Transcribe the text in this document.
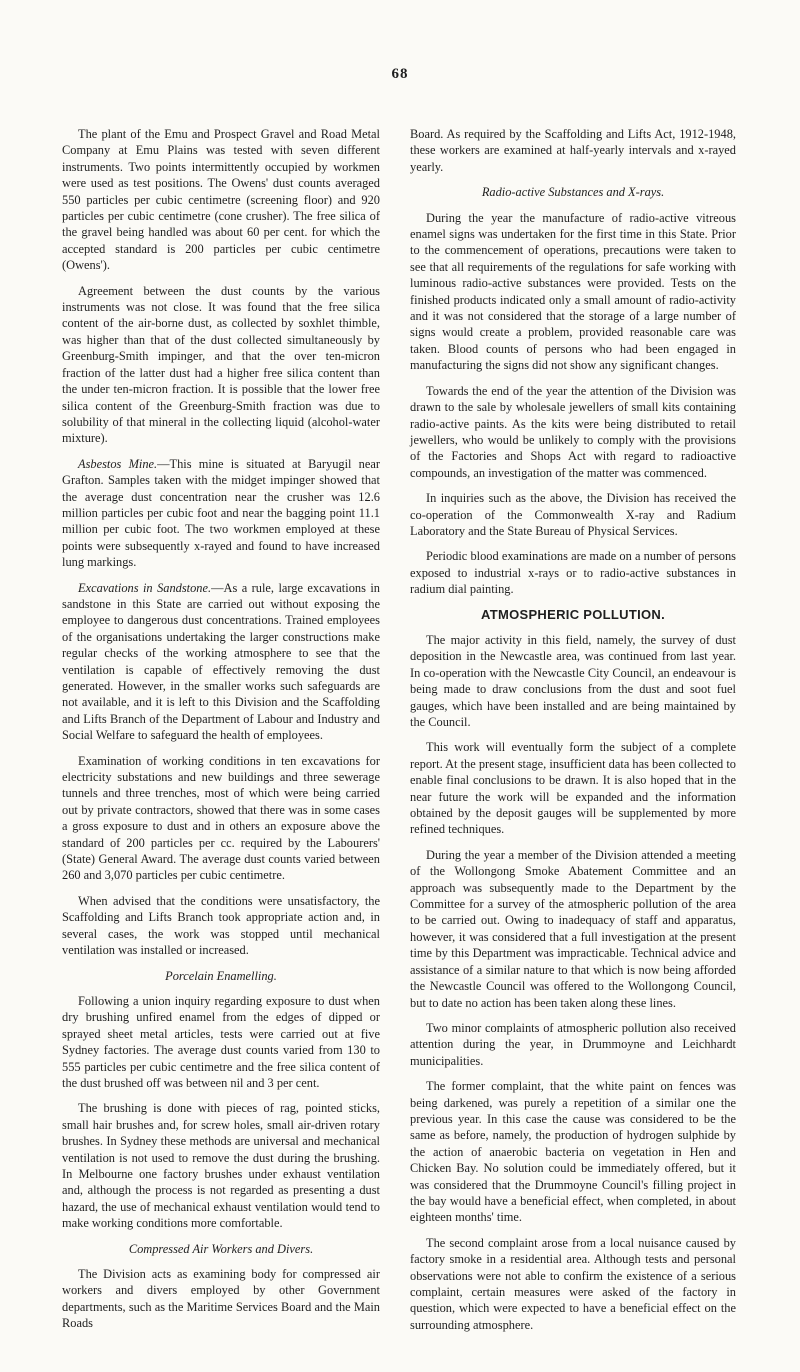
68

The plant of the Emu and Prospect Gravel and Road Metal Company at Emu Plains was tested with seven different instruments. Two points intermittently occupied by workmen were used as test positions. The Owens' dust counts averaged 550 particles per cubic centimetre (screening floor) and 920 particles per cubic centimetre (cone crusher). The free silica of the gravel being handled was about 60 per cent. for which the accepted standard is 200 particles per cubic centimetre (Owens').

Agreement between the dust counts by the various instruments was not close. It was found that the free silica content of the air-borne dust, as collected by soxhlet thimble, was higher than that of the dust collected simultaneously by Greenburg-Smith impinger, and that the over ten-micron fraction of the latter dust had a higher free silica content than the under ten-micron fraction. It is possible that the lower free silica content of the Greenburg-Smith fraction was due to solubility of that mineral in the collecting liquid (alcohol-water mixture).

Asbestos Mine.—This mine is situated at Baryugil near Grafton. Samples taken with the midget impinger showed that the average dust concentration near the crusher was 12.6 million particles per cubic foot and near the bagging point 11.1 million per cubic foot. The two workmen employed at these points were subsequently x-rayed and found to have increased lung markings.

Excavations in Sandstone.—As a rule, large excavations in sandstone in this State are carried out without exposing the employee to dangerous dust concentrations. Trained employees of the organisations undertaking the larger constructions make regular checks of the working atmosphere to see that the ventilation is capable of effectively removing the dust generated. However, in the smaller works such safeguards are not available, and it is left to this Division and the Scaffolding and Lifts Branch of the Department of Labour and Industry and Social Welfare to safeguard the health of employees.

Examination of working conditions in ten excavations for electricity substations and new buildings and three sewerage tunnels and three trenches, most of which were being carried out by private contractors, showed that there was in some cases a gross exposure to dust and in others an exposure above the standard of 200 particles per cc. required by the Labourers' (State) General Award. The average dust counts varied between 260 and 3,070 particles per cubic centimetre.

When advised that the conditions were unsatisfactory, the Scaffolding and Lifts Branch took appropriate action and, in several cases, the work was stopped until mechanical ventilation was installed or increased.

Porcelain Enamelling.

Following a union inquiry regarding exposure to dust when dry brushing unfired enamel from the edges of dipped or sprayed sheet metal articles, tests were carried out at five Sydney factories. The average dust counts varied from 130 to 555 particles per cubic centimetre and the free silica content of the dust brushed off was between nil and 3 per cent.

The brushing is done with pieces of rag, pointed sticks, small hair brushes and, for screw holes, small air-driven rotary brushes. In Sydney these methods are universal and mechanical ventilation is not used to remove the dust during the brushing. In Melbourne one factory brushes under exhaust ventilation and, although the process is not regarded as presenting a dust hazard, the use of mechanical exhaust ventilation would tend to make working conditions more comfortable.

Compressed Air Workers and Divers.

The Division acts as examining body for compressed air workers and divers employed by other Government departments, such as the Maritime Services Board and the Main Roads

Board. As required by the Scaffolding and Lifts Act, 1912-1948, these workers are examined at half-yearly intervals and x-rayed yearly.

Radio-active Substances and X-rays.

During the year the manufacture of radio-active vitreous enamel signs was undertaken for the first time in this State. Prior to the commencement of operations, precautions were taken to see that all requirements of the regulations for safe working with luminous radio-active substances were provided. Tests on the finished products indicated only a small amount of radio-activity and it was not considered that the storage of a large number of signs would create a problem, provided reasonable care was taken. Blood counts of persons who had been engaged in manufacturing the signs did not show any significant changes.

Towards the end of the year the attention of the Division was drawn to the sale by wholesale jewellers of small kits containing radio-active paints. As the kits were being distributed to retail jewellers, who would be unlikely to comply with the provisions of the Factories and Shops Act with regard to radioactive compounds, an investigation of the matter was commenced.

In inquiries such as the above, the Division has received the co-operation of the Commonwealth X-ray and Radium Laboratory and the State Bureau of Physical Services.

Periodic blood examinations are made on a number of persons exposed to industrial x-rays or to radio-active substances in radium dial painting.

ATMOSPHERIC POLLUTION.

The major activity in this field, namely, the survey of dust deposition in the Newcastle area, was continued from last year. In co-operation with the Newcastle City Council, an endeavour is being made to draw conclusions from the dust and soot fuel gauges, which have been installed and are being maintained by the Council.

This work will eventually form the subject of a complete report. At the present stage, insufficient data has been collected to enable final conclusions to be drawn. It is also hoped that in the near future the work will be expanded and the information obtained by the deposit gauges will be supplemented by more refined techniques.

During the year a member of the Division attended a meeting of the Wollongong Smoke Abatement Committee and an approach was subsequently made to the Department by the Committee for a survey of the atmospheric pollution of the area to be carried out. Owing to inadequacy of staff and apparatus, however, it was considered that a full investigation at the present time by this Department was impracticable. Technical advice and assistance of a similar nature to that which is now being afforded the Newcastle Council was offered to the Wollongong Council, but to date no action has been taken along these lines.

Two minor complaints of atmospheric pollution also received attention during the year, in Drummoyne and Leichhardt municipalities.

The former complaint, that the white paint on fences was being darkened, was purely a repetition of a similar one the previous year. In this case the cause was considered to be the same as before, namely, the production of hydrogen sulphide by the action of anaerobic bacteria on vegetation in Hen and Chicken Bay. No solution could be immediately offered, but it was considered that the Drummoyne Council's filling project in the bay would have a beneficial effect, when completed, in about eighteen months' time.

The second complaint arose from a local nuisance caused by factory smoke in a residential area. Although tests and personal observations were not able to confirm the existence of a serious complaint, certain measures were asked of the factory in question, which were expected to have a beneficial effect on the surrounding atmosphere.
